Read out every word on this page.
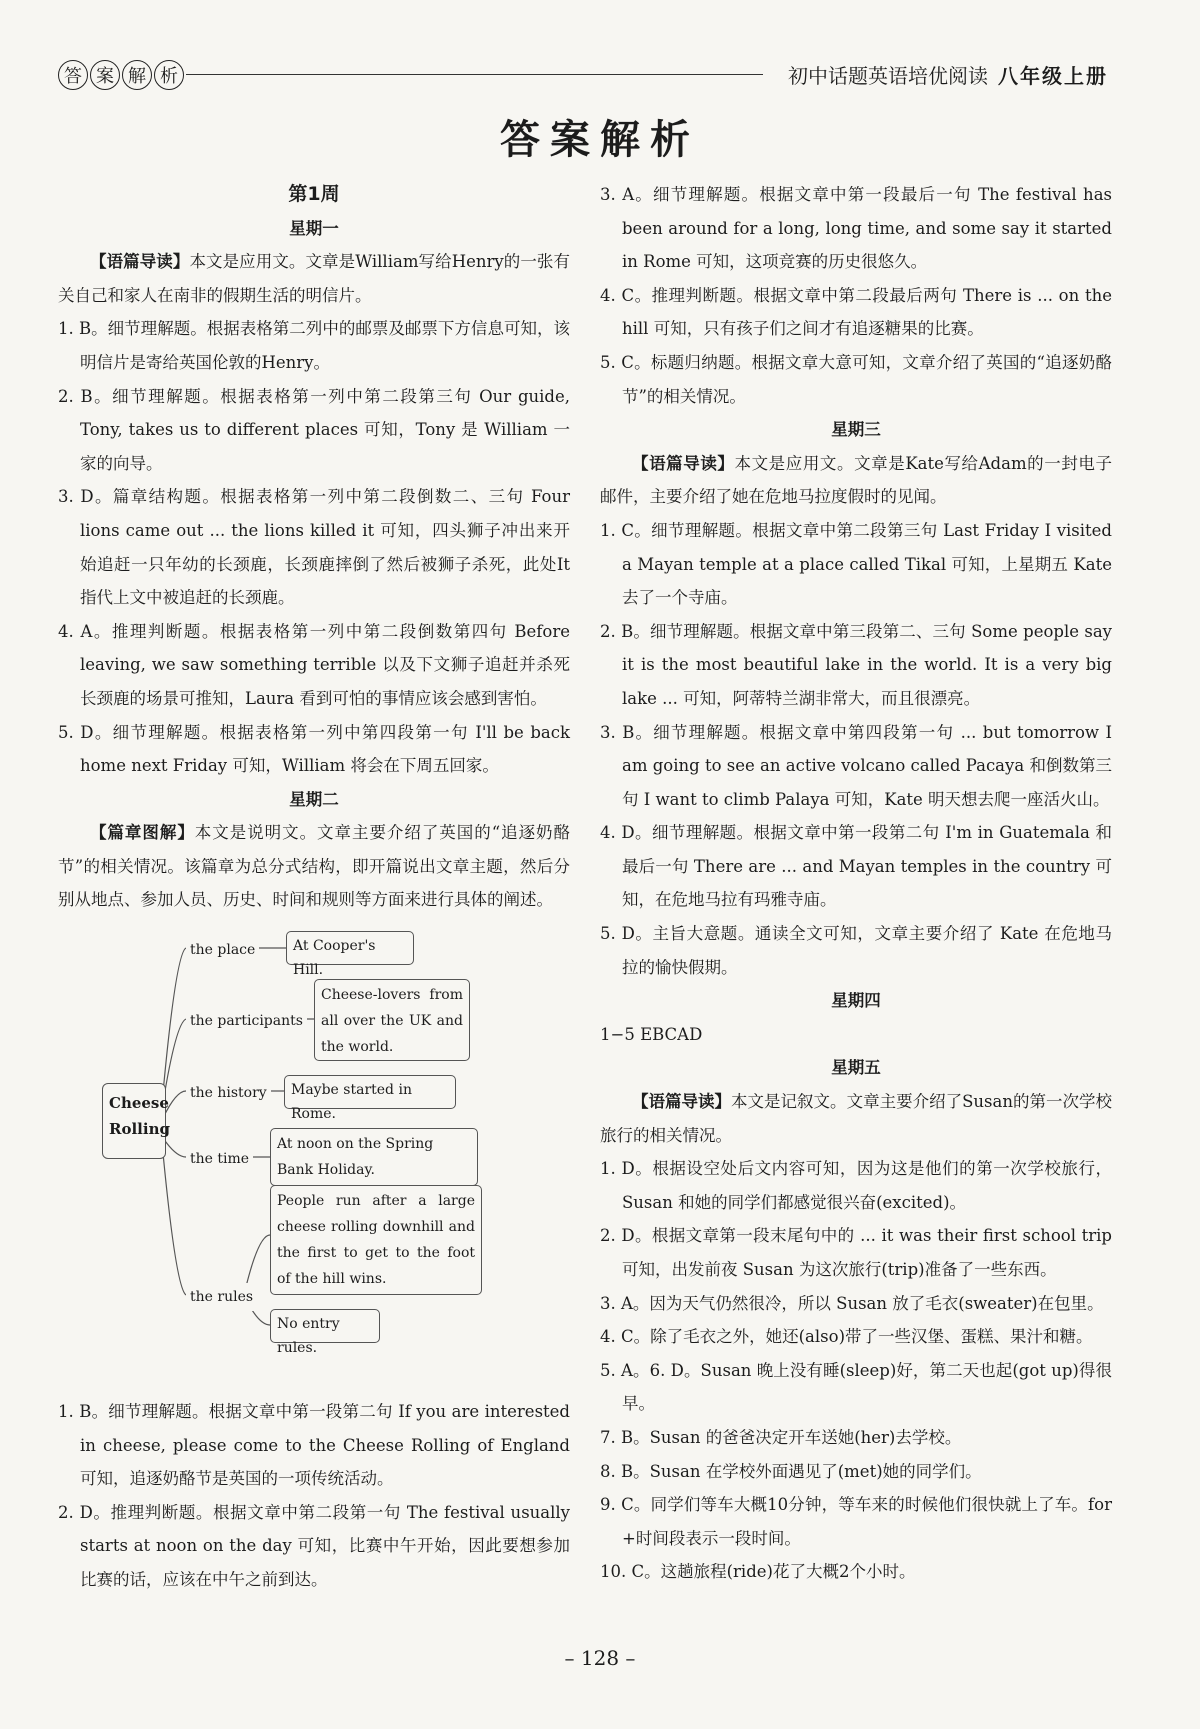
答 案 解 析	初中话题英语培优阅读 八年级上册
答案解析

第1周

星期一

【语篇导读】本文是应用文。文章是William写给Henry的一张有关自己和家人在南非的假期生活的明信片。

1. B。细节理解题。根据表格第二列中的邮票及邮票下方信息可知，该明信片是寄给英国伦敦的Henry。

2. B。细节理解题。根据表格第一列中第二段第三句 Our guide, Tony, takes us to different places 可知，Tony 是 William 一家的向导。

3. D。篇章结构题。根据表格第一列中第二段倒数二、三句 Four lions came out ... the lions killed it 可知，四头狮子冲出来开始追赶一只年幼的长颈鹿，长颈鹿摔倒了然后被狮子杀死，此处It指代上文中被追赶的长颈鹿。

4. A。推理判断题。根据表格第一列中第二段倒数第四句 Before leaving, we saw something terrible 以及下文狮子追赶并杀死长颈鹿的场景可推知，Laura 看到可怕的事情应该会感到害怕。

5. D。细节理解题。根据表格第一列中第四段第一句 I'll be back home next Friday 可知，William 将会在下周五回家。

星期二

【篇章图解】本文是说明文。文章主要介绍了英国的“追逐奶酪节”的相关情况。该篇章为总分式结构，即开篇说出文章主题，然后分别从地点、参加人员、历史、时间和规则等方面来进行具体的阐述。

Cheese Rolling
the place	At Cooper's Hill.
the participants
Cheese-lovers from all over the UK and the world.
the history	Maybe started in Rome.
the time
At noon on the Spring Bank Holiday.
the rules
People run after a large cheese rolling downhill and the first to get to the foot of the hill wins.
No entry rules.

1. B。细节理解题。根据文章中第一段第二句 If you are interested in cheese, please come to the Cheese Rolling of England 可知，追逐奶酪节是英国的一项传统活动。

2. D。推理判断题。根据文章中第二段第一句 The festival usually starts at noon on the day 可知，比赛中午开始，因此要想参加比赛的话，应该在中午之前到达。

3. A。细节理解题。根据文章中第一段最后一句 The festival has been around for a long, long time, and some say it started in Rome 可知，这项竞赛的历史很悠久。

4. C。推理判断题。根据文章中第二段最后两句 There is ... on the hill 可知，只有孩子们之间才有追逐糖果的比赛。

5. C。标题归纳题。根据文章大意可知，文章介绍了英国的“追逐奶酪节”的相关情况。

星期三

【语篇导读】本文是应用文。文章是Kate写给Adam的一封电子邮件，主要介绍了她在危地马拉度假时的见闻。

1. C。细节理解题。根据文章中第二段第三句 Last Friday I visited a Mayan temple at a place called Tikal 可知，上星期五 Kate 去了一个寺庙。

2. B。细节理解题。根据文章中第三段第二、三句 Some people say it is the most beautiful lake in the world. It is a very big lake ... 可知，阿蒂特兰湖非常大，而且很漂亮。

3. B。细节理解题。根据文章中第四段第一句 ... but tomorrow I am going to see an active volcano called Pacaya 和倒数第三句 I want to climb Palaya 可知，Kate 明天想去爬一座活火山。

4. D。细节理解题。根据文章中第一段第二句 I'm in Guatemala 和最后一句 There are ... and Mayan temples in the country 可知，在危地马拉有玛雅寺庙。

5. D。主旨大意题。通读全文可知，文章主要介绍了 Kate 在危地马拉的愉快假期。

星期四

1−5 EBCAD

星期五

【语篇导读】本文是记叙文。文章主要介绍了Susan的第一次学校旅行的相关情况。

1. D。根据设空处后文内容可知，因为这是他们的第一次学校旅行，Susan 和她的同学们都感觉很兴奋(excited)。

2. D。根据文章第一段末尾句中的 ... it was their first school trip 可知，出发前夜 Susan 为这次旅行(trip)准备了一些东西。

3. A。因为天气仍然很冷，所以 Susan 放了毛衣(sweater)在包里。

4. C。除了毛衣之外，她还(also)带了一些汉堡、蛋糕、果汁和糖。

5. A。6. D。Susan 晚上没有睡(sleep)好，第二天也起(got up)得很早。

7. B。Susan 的爸爸决定开车送她(her)去学校。

8. B。Susan 在学校外面遇见了(met)她的同学们。

9. C。同学们等车大概10分钟，等车来的时候他们很快就上了车。for +时间段表示一段时间。

10. C。这趟旅程(ride)花了大概2个小时。

– 128 –
